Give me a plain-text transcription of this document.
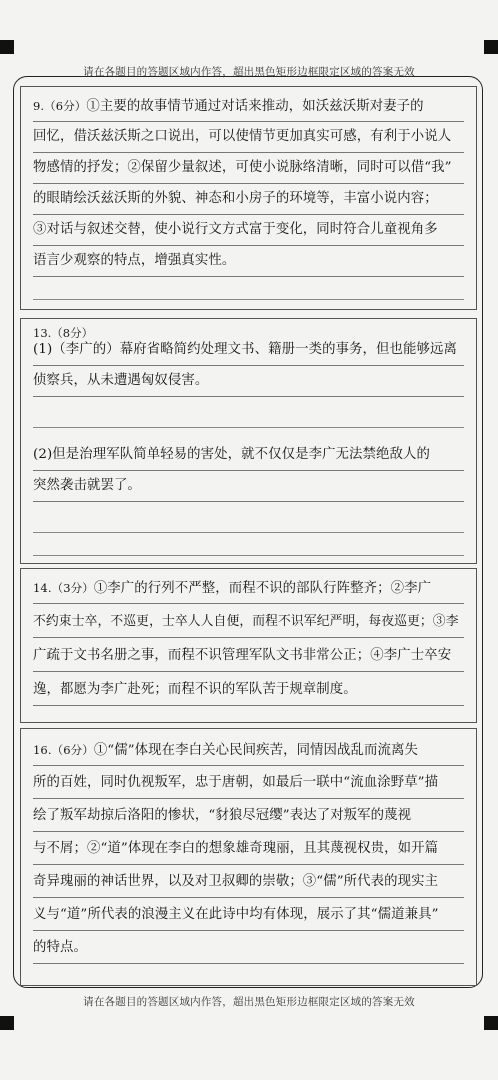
请在各题目的答题区域内作答，超出黑色矩形边框限定区域的答案无效
请在各题目的答题区域内作答，超出黑色矩形边框限定区域的答案无效
9.（6分）①主要的故事情节通过对话来推动，如沃兹沃斯对妻子的
回忆，借沃兹沃斯之口说出，可以使情节更加真实可感，有利于小说人
物感情的抒发；②保留少量叙述，可使小说脉络清晰，同时可以借“我”
的眼睛绘沃兹沃斯的外貌、神态和小房子的环境等，丰富小说内容；
③对话与叙述交替，使小说行文方式富于变化，同时符合儿童视角多
语言少观察的特点，增强真实性。
13.（8分）
(1)（李广的）幕府省略简约处理文书、籍册一类的事务，但也能够远离
侦察兵，从未遭遇匈奴侵害。
(2)但是治理军队简单轻易的害处，就不仅仅是李广无法禁绝敌人的
突然袭击就罢了。
14.（3分）①李广的行列不严整，而程不识的部队行阵整齐；②李广
不约束士卒，不巡更，士卒人人自便，而程不识军纪严明，每夜巡更；③李
广疏于文书名册之事，而程不识管理军队文书非常公正；④李广士卒安
逸，都愿为李广赴死；而程不识的军队苦于规章制度。
16.（6分）①“儒”体现在李白关心民间疾苦，同情因战乱而流离失
所的百姓，同时仇视叛军，忠于唐朝，如最后一联中“流血涂野草”描
绘了叛军劫掠后洛阳的惨状，“豺狼尽冠缨”表达了对叛军的蔑视
与不屑；②“道”体现在李白的想象雄奇瑰丽，且其蔑视权贵，如开篇
奇异瑰丽的神话世界，以及对卫叔卿的崇敬；③“儒”所代表的现实主
义与“道”所代表的浪漫主义在此诗中均有体现，展示了其“儒道兼具”
的特点。
